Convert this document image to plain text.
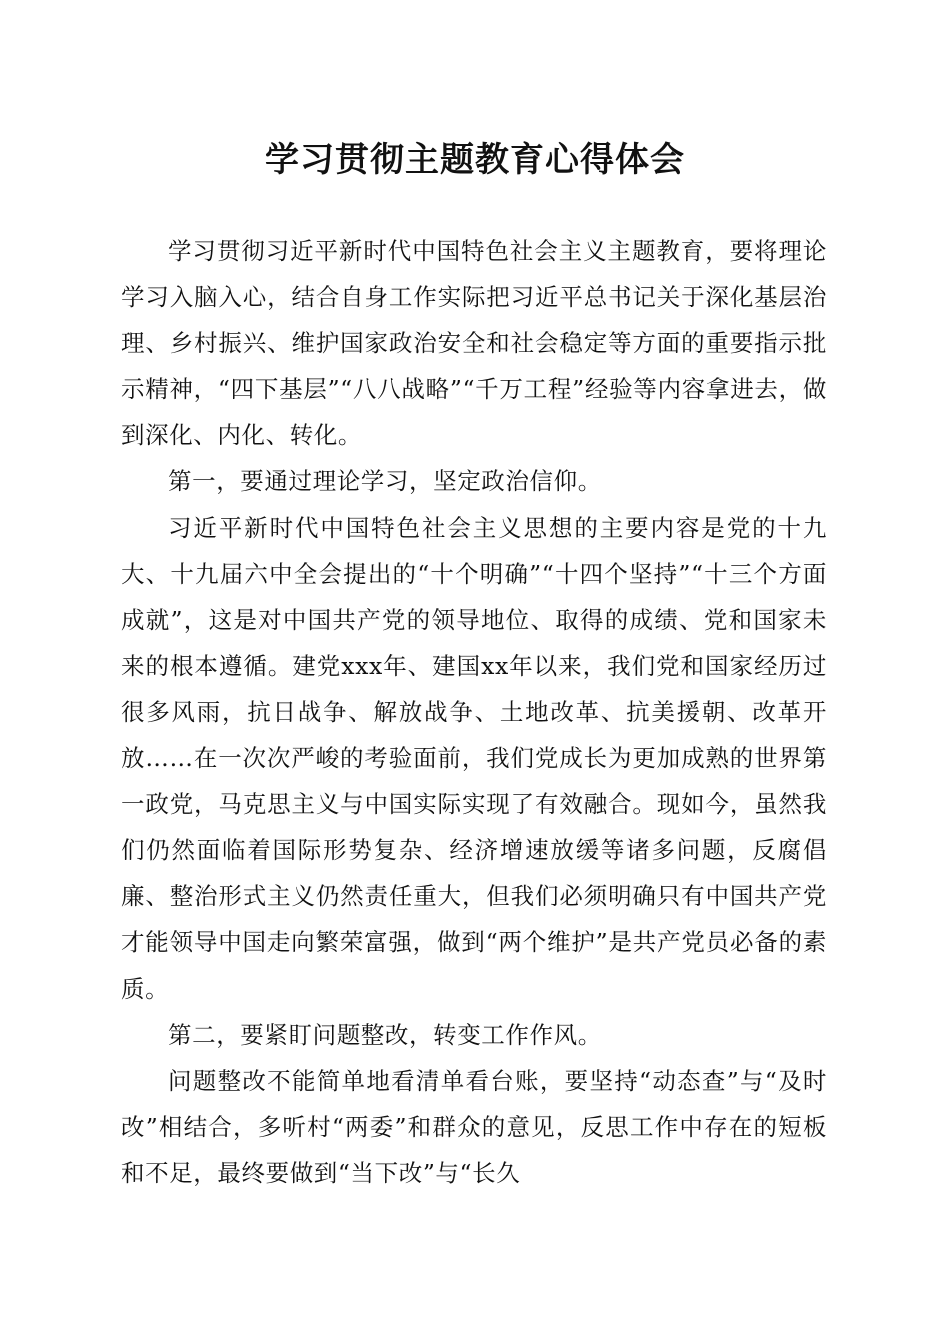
学习贯彻主题教育心得体会

学习贯彻习近平新时代中国特色社会主义主题教育，要将理论学习入脑入心，结合自身工作实际把习近平总书记关于深化基层治理、乡村振兴、维护国家政治安全和社会稳定等方面的重要指示批示精神，“四下基层”“八八战略”“千万工程”经验等内容拿进去，做到深化、内化、转化。

第一，要通过理论学习，坚定政治信仰。

习近平新时代中国特色社会主义思想的主要内容是党的十九大、十九届六中全会提出的“十个明确”“十四个坚持”“十三个方面成就”，这是对中国共产党的领导地位、取得的成绩、党和国家未来的根本遵循。建党xxx年、建国xx年以来，我们党和国家经历过很多风雨，抗日战争、解放战争、土地改革、抗美援朝、改革开放……在一次次严峻的考验面前，我们党成长为更加成熟的世界第一政党，马克思主义与中国实际实现了有效融合。现如今，虽然我们仍然面临着国际形势复杂、经济增速放缓等诸多问题，反腐倡廉、整治形式主义仍然责任重大，但我们必须明确只有中国共产党才能领导中国走向繁荣富强，做到“两个维护”是共产党员必备的素质。

第二，要紧盯问题整改，转变工作作风。

问题整改不能简单地看清单看台账，要坚持“动态查”与“及时改”相结合，多听村“两委”和群众的意见，反思工作中存在的短板和不足，最终要做到“当下改”与“长久
